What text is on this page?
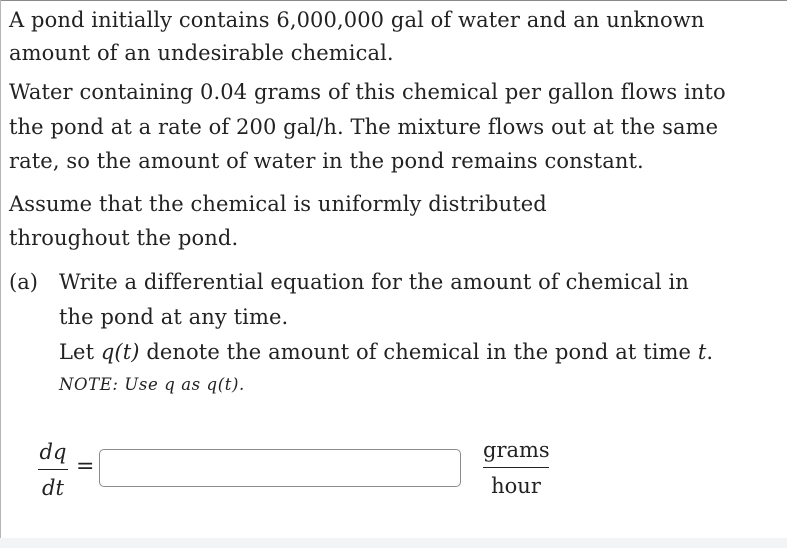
A pond initially contains 6,000,000 gal of water and an unknown
amount of an undesirable chemical.
Water containing 0.04 grams of this chemical per gallon flows into
the pond at a rate of 200 gal/h. The mixture flows out at the same
rate, so the amount of water in the pond remains constant.
Assume that the chemical is uniformly distributed
throughout the pond.
(a) Write a differential equation for the amount of chemical in
the pond at any time.
Let q(t) denote the amount of chemical in the pond at time t.
NOTE: Use q as q(t).
dq
dt
=
grams
hour
